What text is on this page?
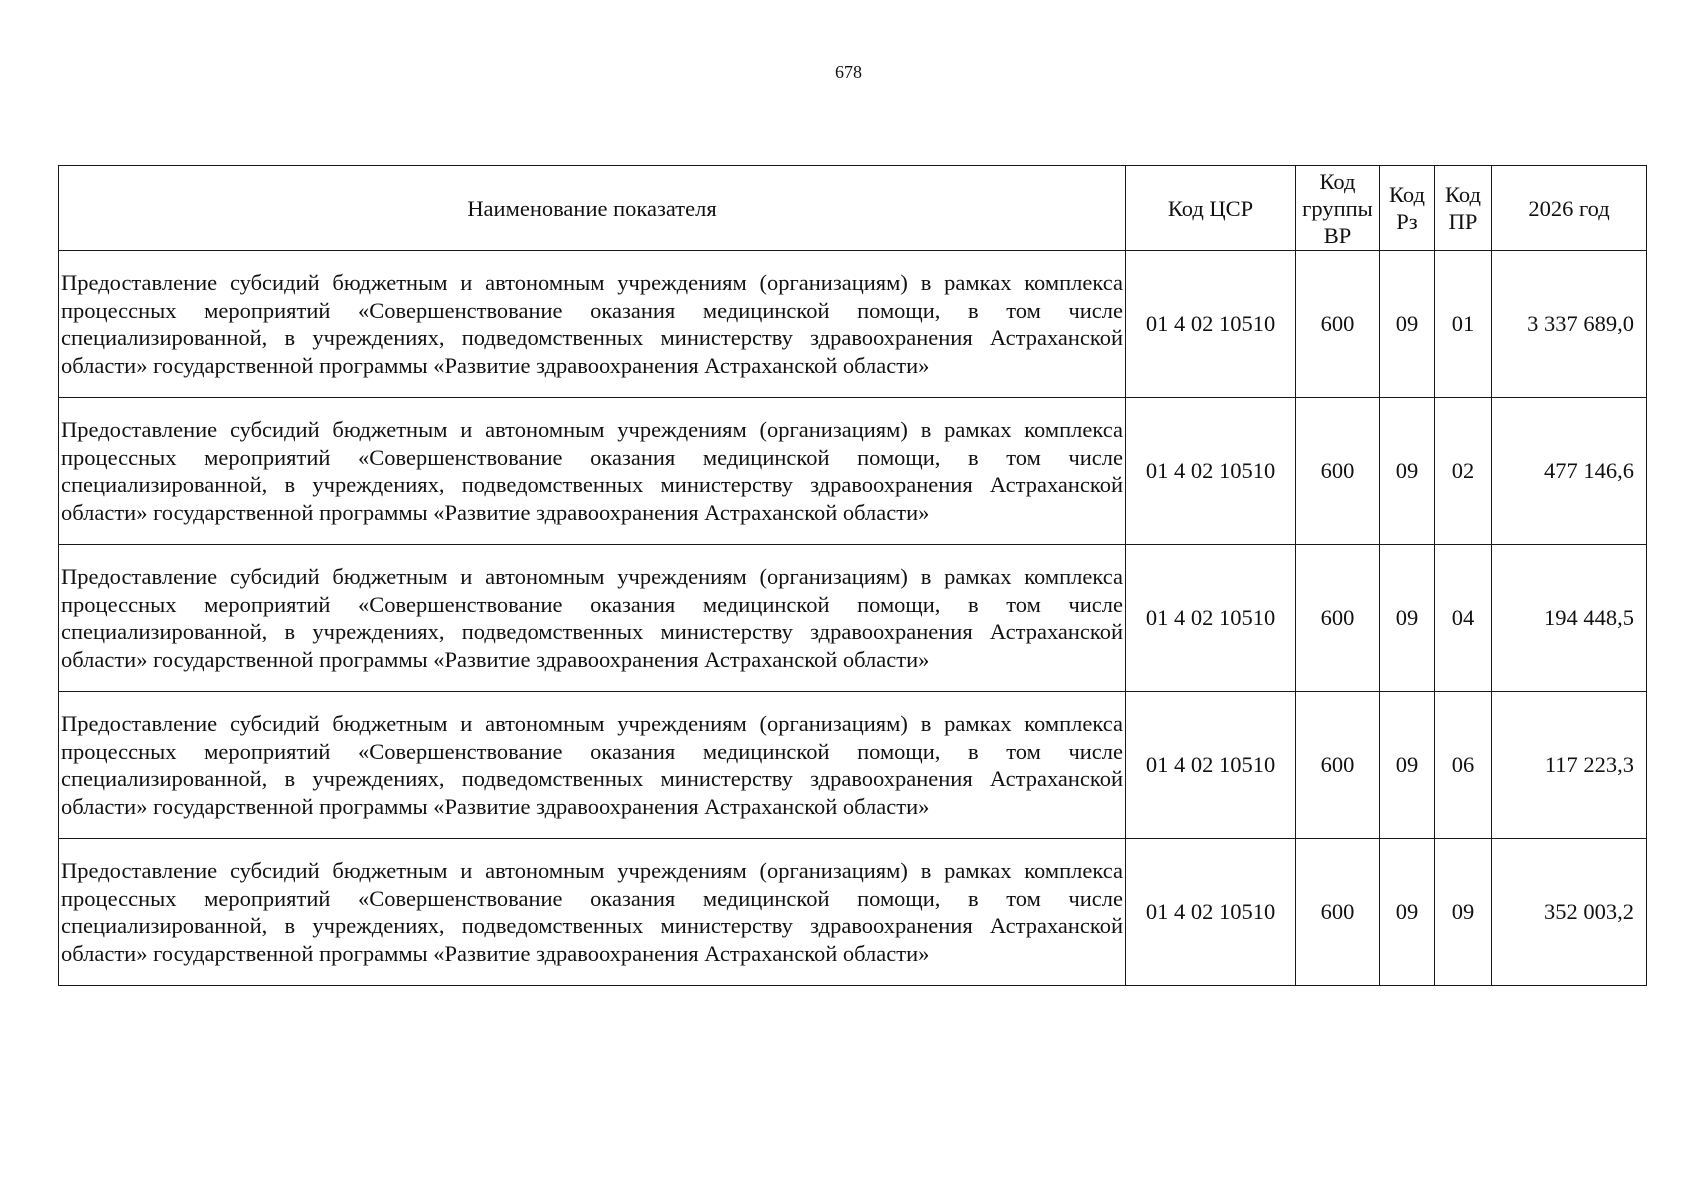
678
Наименование показателя	Код ЦСР	Код группы ВР	Код Рз	Код ПР	2026 год
Предоставление субсидий бюджетным и автономным учреждениям (организациям) в рамках комплекса процессных мероприятий «Совершенствование оказания медицинской помощи, в том числе специализированной, в учреждениях, подведомственных министерству здравоохранения Астраханской области» государственной программы «Развитие здравоохранения Астраханской области»	01 4 02 10510	600	09	01	3 337 689,0
Предоставление субсидий бюджетным и автономным учреждениям (организациям) в рамках комплекса процессных мероприятий «Совершенствование оказания медицинской помощи, в том числе специализированной, в учреждениях, подведомственных министерству здравоохранения Астраханской области» государственной программы «Развитие здравоохранения Астраханской области»	01 4 02 10510	600	09	02	477 146,6
Предоставление субсидий бюджетным и автономным учреждениям (организациям) в рамках комплекса процессных мероприятий «Совершенствование оказания медицинской помощи, в том числе специализированной, в учреждениях, подведомственных министерству здравоохранения Астраханской области» государственной программы «Развитие здравоохранения Астраханской области»	01 4 02 10510	600	09	04	194 448,5
Предоставление субсидий бюджетным и автономным учреждениям (организациям) в рамках комплекса процессных мероприятий «Совершенствование оказания медицинской помощи, в том числе специализированной, в учреждениях, подведомственных министерству здравоохранения Астраханской области» государственной программы «Развитие здравоохранения Астраханской области»	01 4 02 10510	600	09	06	117 223,3
Предоставление субсидий бюджетным и автономным учреждениям (организациям) в рамках комплекса процессных мероприятий «Совершенствование оказания медицинской помощи, в том числе специализированной, в учреждениях, подведомственных министерству здравоохранения Астраханской области» государственной программы «Развитие здравоохранения Астраханской области»	01 4 02 10510	600	09	09	352 003,2
